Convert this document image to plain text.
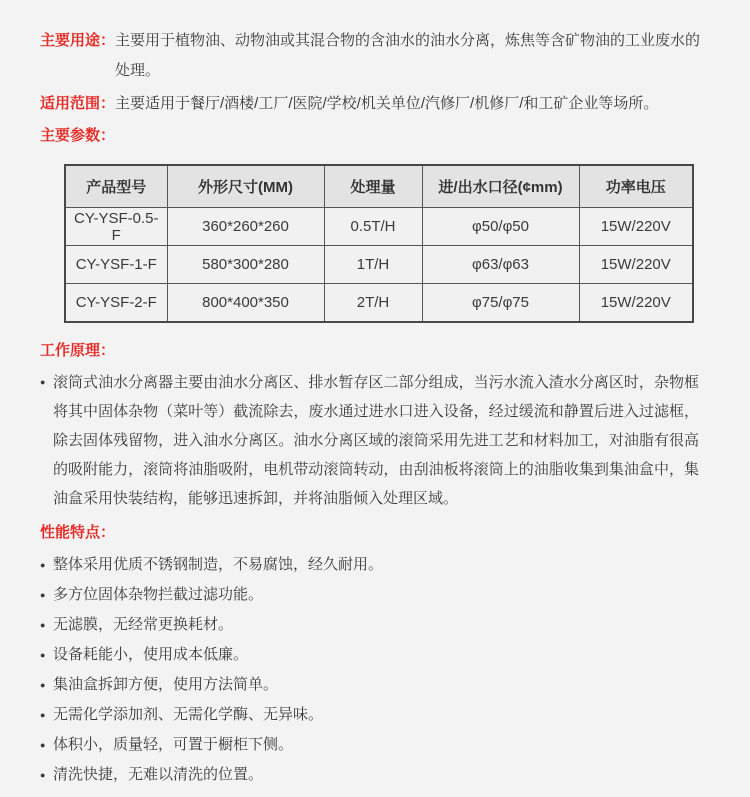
主要用途： 主要用于植物油、动物油或其混合物的含油水的油水分离，炼焦等含矿物油的工业废水的处理。
适用范围： 主要适用于餐厅/酒楼/工厂/医院/学校/机关单位/汽修厂/机修厂/和工矿企业等场所。
主要参数：
产品型号	外形尺寸(MM)	处理量	进/出水口径(¢mm)	功率电压
CY-YSF-0.5-F	360*260*260	0.5T/H	φ50/φ50	15W/220V
CY-YSF-1-F	580*300*280	1T/H	φ63/φ63	15W/220V
CY-YSF-2-F	800*400*350	2T/H	φ75/φ75	15W/220V
工作原理：
● 滚筒式油水分离器主要由油水分离区、排水暂存区二部分组成，当污水流入渣水分离区时，杂物框将其中固体杂物（菜叶等）截流除去，废水通过进水口进入设备，经过缓流和静置后进入过滤框，除去固体残留物，进入油水分离区。油水分离区域的滚筒采用先进工艺和材料加工，对油脂有很高的吸附能力，滚筒将油脂吸附，电机带动滚筒转动，由刮油板将滚筒上的油脂收集到集油盒中，集油盒采用快装结构，能够迅速拆卸，并将油脂倾入处理区域。
性能特点：
● 整体采用优质不锈钢制造，不易腐蚀，经久耐用。
● 多方位固体杂物拦截过滤功能。
● 无滤膜，无经常更换耗材。
● 设备耗能小，使用成本低廉。
● 集油盒拆卸方便，使用方法简单。
● 无需化学添加剂、无需化学酶、无异味。
● 体积小，质量轻，可置于橱柜下侧。
● 清洗快捷，无难以清洗的位置。
